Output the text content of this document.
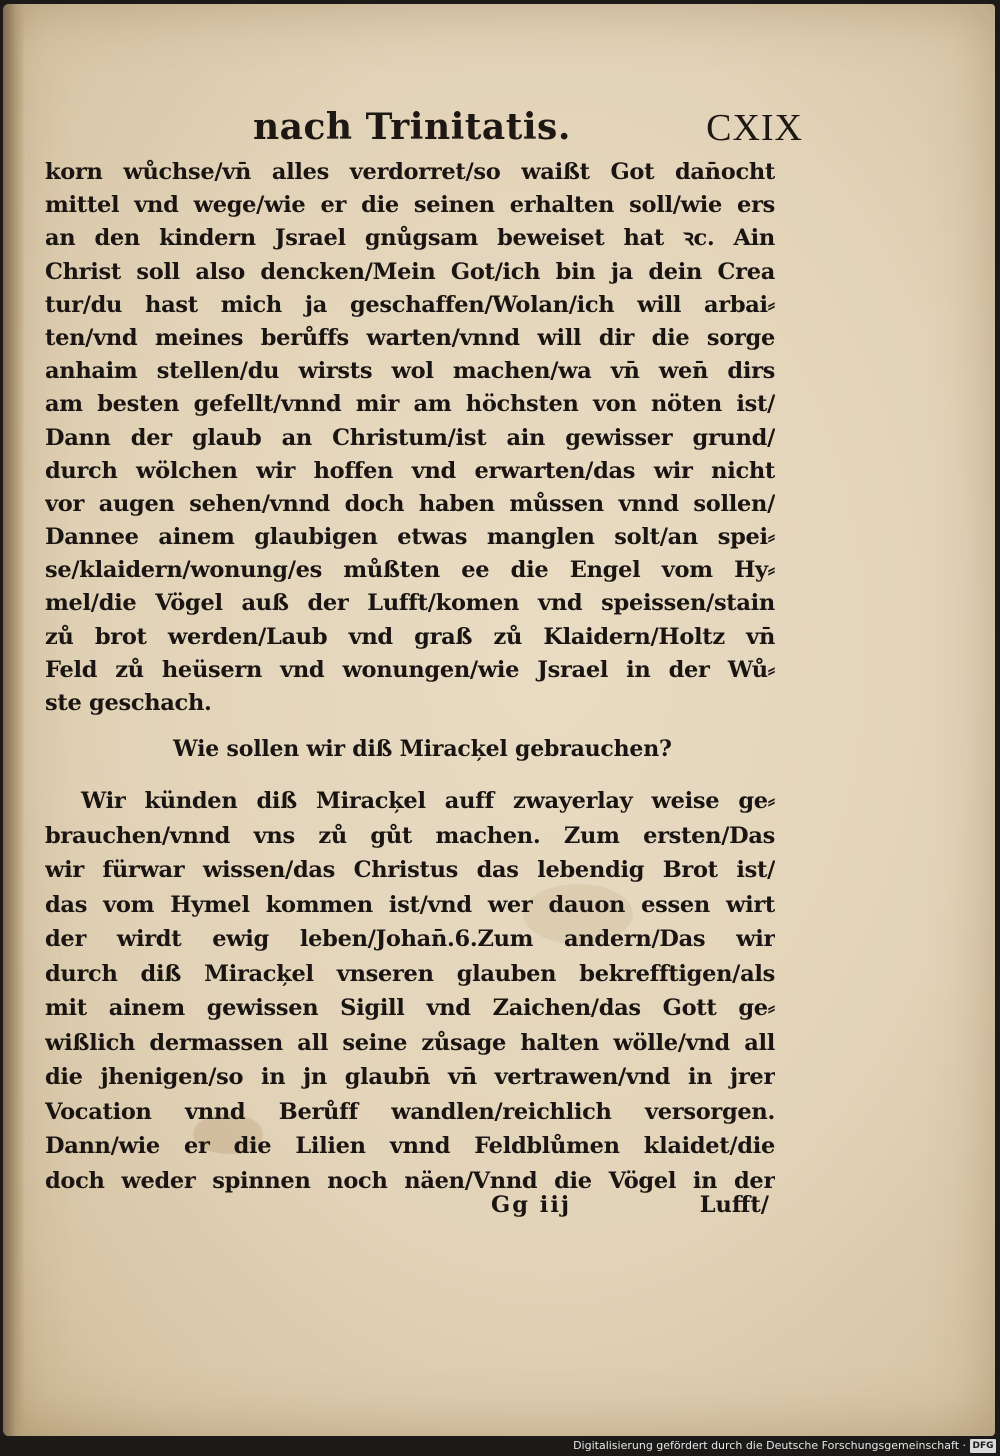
nach Trinitatis.	CXIX
korn wůchse/vn̄ alles verdorret/so waißt Got dan̄ocht
mittel vnd wege/wie er die seinen erhalten soll/wie ers
an den kindern Jsrael gnůgsam beweiset hat ꝛc. Ain
Christ soll also dencken/Mein Got/ich bin ja dein Crea
tur/du hast mich ja geschaffen/Wolan/ich will arbai⸗
ten/vnd meines berůffs warten/vnnd will dir die sorge
anhaim stellen/du wirsts wol machen/wa vn̄ wen̄ dirs
am besten gefellt/vnnd mir am höchsten von nöten ist/
Dann der glaub an Christum/ist ain gewisser grund/
durch wölchen wir hoffen vnd erwarten/das wir nicht
vor augen sehen/vnnd doch haben můssen vnnd sollen/
Dannee ainem glaubigen etwas manglen solt/an spei⸗
se/klaidern/wonung/es můßten ee die Engel vom Hy⸗
mel/die Vögel auß der Lufft/komen vnd speissen/stain
zů brot werden/Laub vnd graß zů Klaidern/Holtz vn̄
Feld zů heüsern vnd wonungen/wie Jsrael in der Wů⸗
ste geschach.
Wie sollen wir diß Miracķel gebrauchen?
Wir künden diß Miracķel auff zwayerlay weise ge⸗
brauchen/vnnd vns zů gůt machen. Zum ersten/Das
wir fürwar wissen/das Christus das lebendig Brot ist/
das vom Hymel kommen ist/vnd wer dauon essen wirt
der wirdt ewig leben/Johan̄.6.Zum andern/Das wir
durch diß Miracķel vnseren glauben bekrefftigen/als
mit ainem gewissen Sigill vnd Zaichen/das Gott ge⸗
wißlich dermassen all seine zůsage halten wölle/vnd all
die jhenigen/so in jn glaubn̄ vn̄ vertrawen/vnd in jrer
Vocation vnnd Berůff wandlen/reichlich versorgen.
Dann/wie er die Lilien vnnd Feldblůmen klaidet/die
doch weder spinnen noch näen/Vnnd die Vögel in der
Gg iij	Lufft/
Digitalisierung gefördert durch die Deutsche Forschungsgemeinschaft · DFG
